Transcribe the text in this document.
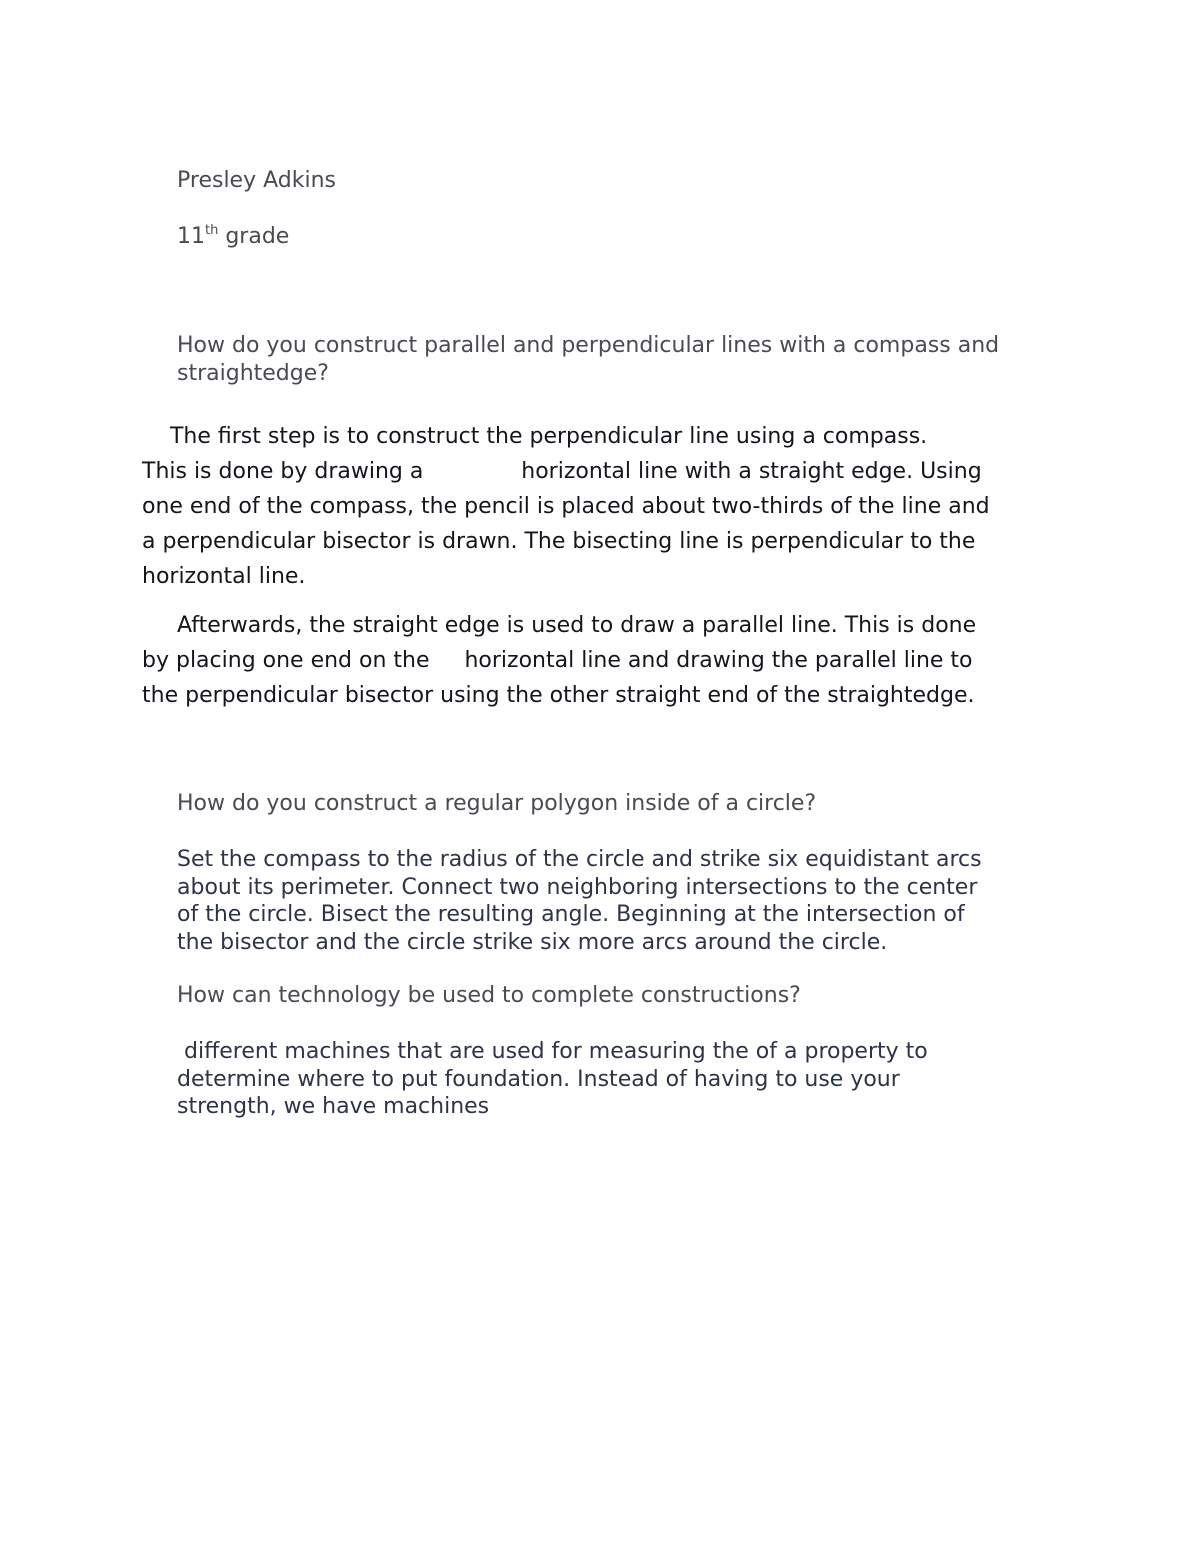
Presley Adkins

11th grade

How do you construct parallel and perpendicular lines with a compass and
straightedge?
The first step is to construct the perpendicular line using a compass.
This is done by drawing a              horizontal line with a straight edge. Using
one end of the compass, the pencil is placed about two-thirds of the line and
a perpendicular bisector is drawn. The bisecting line is perpendicular to the
horizontal line.
Afterwards, the straight edge is used to draw a parallel line. This is done
by placing one end on the     horizontal line and drawing the parallel line to
the perpendicular bisector using the other straight end of the straightedge.

How do you construct a regular polygon inside of a circle?

Set the compass to the radius of the circle and strike six equidistant arcs
about its perimeter. Connect two neighboring intersections to the center
of the circle. Bisect the resulting angle. Beginning at the intersection of
the bisector and the circle strike six more arcs around the circle.

How can technology be used to complete constructions?

different machines that are used for measuring the of a property to
determine where to put foundation. Instead of having to use your
strength, we have machines
